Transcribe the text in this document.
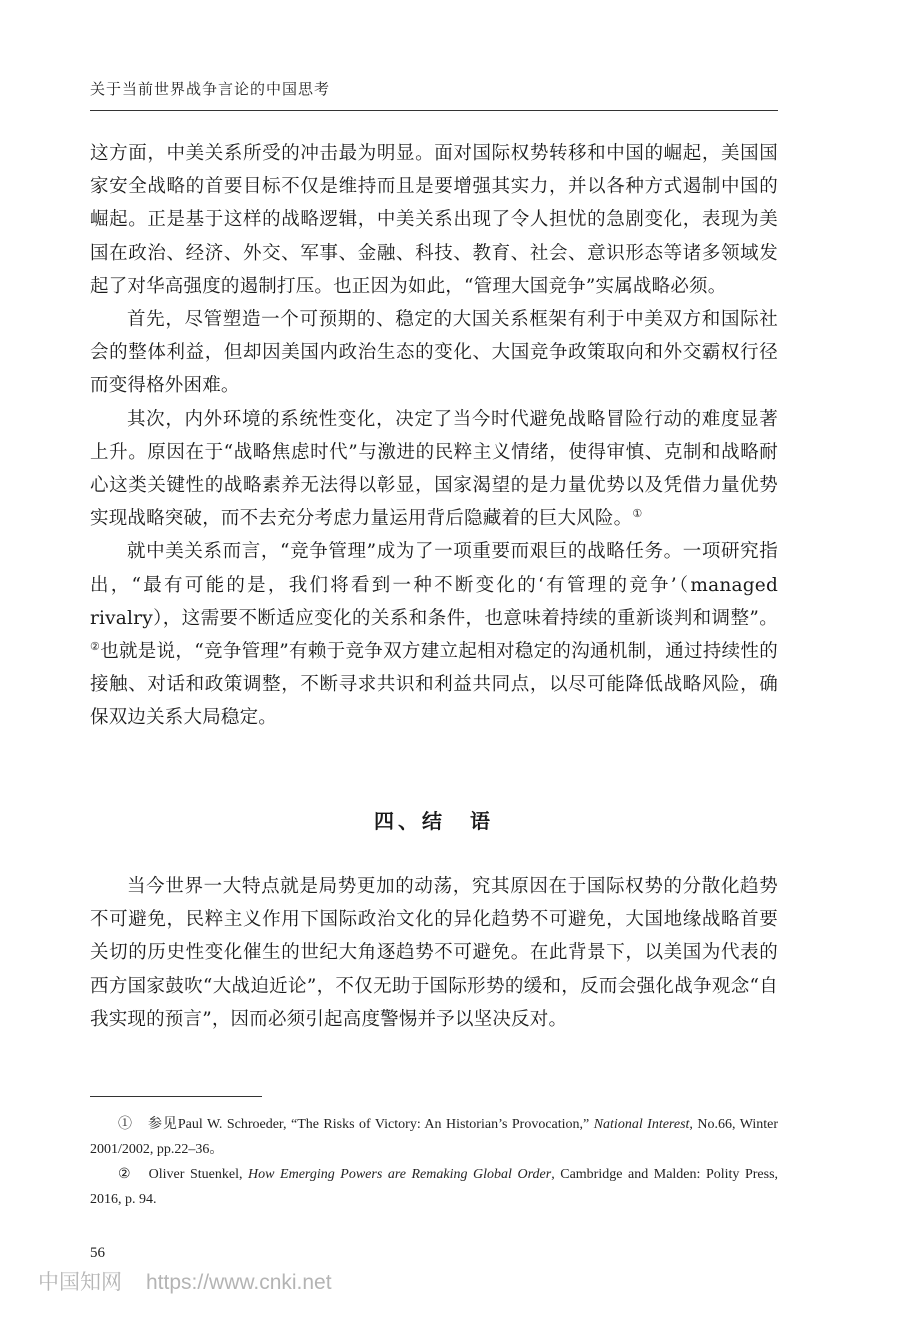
关于当前世界战争言论的中国思考

这方面，中美关系所受的冲击最为明显。面对国际权势转移和中国的崛起，美国国家安全战略的首要目标不仅是维持而且是要增强其实力，并以各种方式遏制中国的崛起。正是基于这样的战略逻辑，中美关系出现了令人担忧的急剧变化，表现为美国在政治、经济、外交、军事、金融、科技、教育、社会、意识形态等诸多领域发起了对华高强度的遏制打压。也正因为如此，“管理大国竞争”实属战略必须。

首先，尽管塑造一个可预期的、稳定的大国关系框架有利于中美双方和国际社会的整体利益，但却因美国内政治生态的变化、大国竞争政策取向和外交霸权行径而变得格外困难。

其次，内外环境的系统性变化，决定了当今时代避免战略冒险行动的难度显著上升。原因在于“战略焦虑时代”与激进的民粹主义情绪，使得审慎、克制和战略耐心这类关键性的战略素养无法得以彰显，国家渴望的是力量优势以及凭借力量优势实现战略突破，而不去充分考虑力量运用背后隐藏着的巨大风险。①

就中美关系而言，“竞争管理”成为了一项重要而艰巨的战略任务。一项研究指出，“最有可能的是，我们将看到一种不断变化的‘有管理的竞争’（managed rivalry），这需要不断适应变化的关系和条件，也意味着持续的重新谈判和调整”。②也就是说，“竞争管理”有赖于竞争双方建立起相对稳定的沟通机制，通过持续性的接触、对话和政策调整，不断寻求共识和利益共同点，以尽可能降低战略风险，确保双边关系大局稳定。

四、结　语

当今世界一大特点就是局势更加的动荡，究其原因在于国际权势的分散化趋势不可避免，民粹主义作用下国际政治文化的异化趋势不可避免，大国地缘战略首要关切的历史性变化催生的世纪大角逐趋势不可避免。在此背景下，以美国为代表的西方国家鼓吹“大战迫近论”，不仅无助于国际形势的缓和，反而会强化战争观念“自我实现的预言”，因而必须引起高度警惕并予以坚决反对。

①　 参见Paul W. Schroeder, “The Risks of Victory: An Historian’s Provocation,” National Interest, No.66, Winter 2001/2002, pp.22–36。

②　 Oliver Stuenkel, How Emerging Powers are Remaking Global Order, Cambridge and Malden: Polity Press, 2016, p. 94.

56
中国知网 https://www.cnki.net
